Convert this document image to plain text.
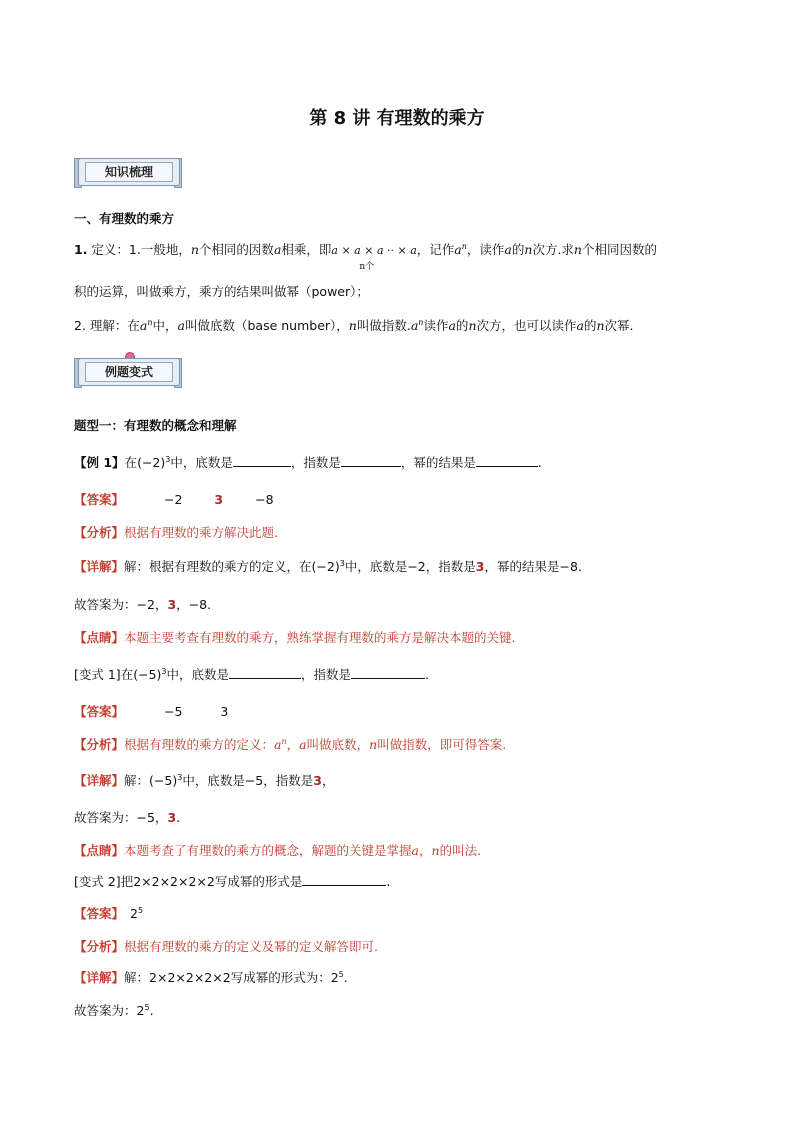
第 8 讲 有理数的乘方
知识梳理
一、有理数的乘方
1. 定义：1.一般地，n个相同的因数a相乘，即a × a × a ·· × a
n个
，记作$a^n$，读作a的n次方.求n个相同因数的
积的运算，叫做乘方，乘方的结果叫做幂（power）；
2. 理解：在$a^n$中，a叫做底数（base number），n叫做指数$.a^n$读作a的n次方，也可以读作a的n次幂.
例题变式
题型一：有理数的概念和理解
【例 1】在$(-2)^3$中，底数是	，指数是	，幂的结果是	.
【答案】	−2	3	−8
【分析】根据有理数的乘方解决此题.
【详解】解：根据有理数的乘方的定义，在$(-2)^3$中，底数是−2，指数是3，幂的结果是−8.
故答案为：−2，3，−8.
【点睛】本题主要考查有理数的乘方，熟练掌握有理数的乘方是解决本题的关键.
[变式 1]在$(-5)^3$中，底数是	，指数是	.
【答案】	−5	3
【分析】根据有理数的乘方的定义：$a^n$，a叫做底数，n叫做指数，即可得答案.
【详解】解：$(-5)^3$中，底数是−5，指数是3，
故答案为：−5，3.
【点睛】本题考查了有理数的乘方的概念，解题的关键是掌握a，n的叫法.
[变式 2]把2×2×2×2×2写成幂的形式是	.
【答案】 $2^5$
【分析】根据有理数的乘方的定义及幂的定义解答即可.
【详解】解：2×2×2×2×2写成幂的形式为：$2^5$.
故答案为：$2^5$.
